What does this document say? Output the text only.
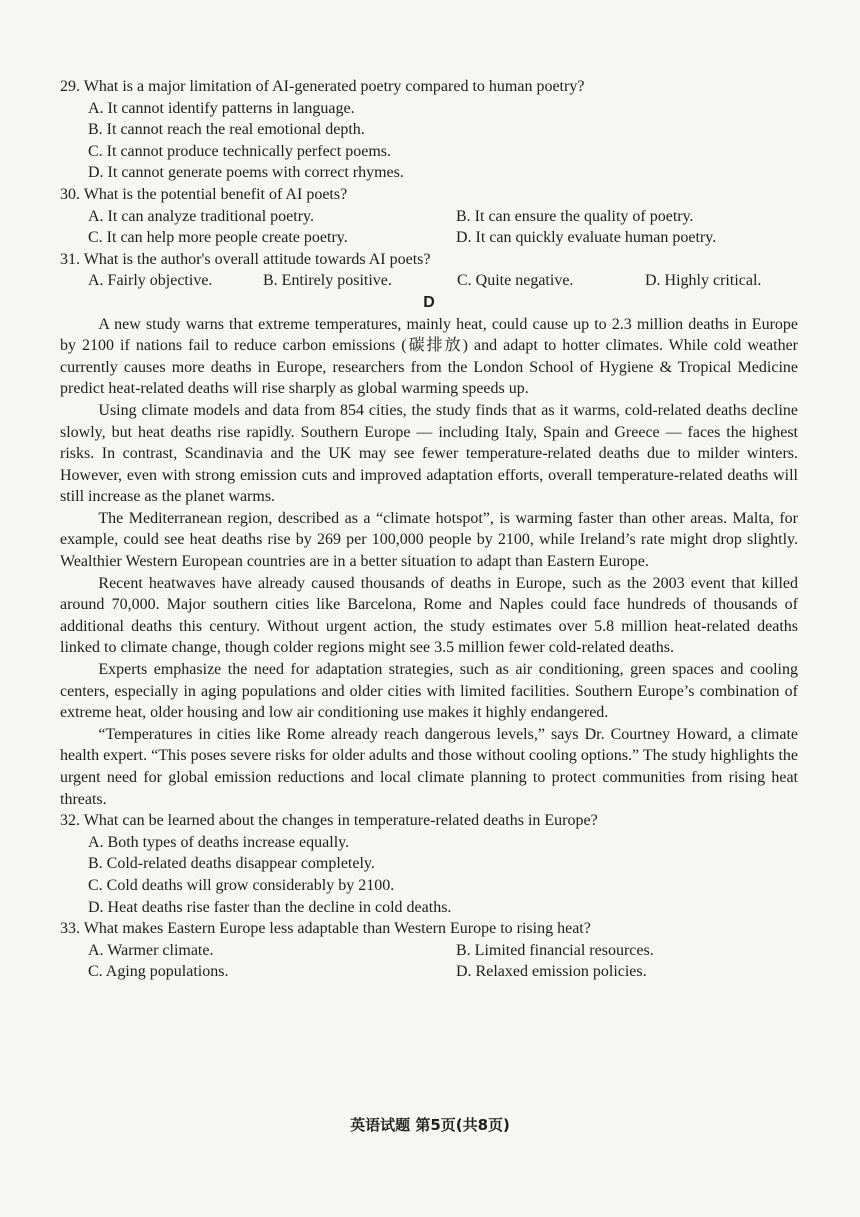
29. What is a major limitation of AI-generated poetry compared to human poetry?

A. It cannot identify patterns in language.

B. It cannot reach the real emotional depth.

C. It cannot produce technically perfect poems.

D. It cannot generate poems with correct rhymes.

30. What is the potential benefit of AI poets?

A. It can analyze traditional poetry.	B. It can ensure the quality of poetry.
C. It can help more people create poetry.	D. It can quickly evaluate human poetry.

31. What is the author's overall attitude towards AI poets?

A. Fairly objective.	B. Entirely positive.	C. Quite negative.	D. Highly critical.

D

A new study warns that extreme temperatures, mainly heat, could cause up to 2.3 million deaths in Europe by 2100 if nations fail to reduce carbon emissions (碳排放) and adapt to hotter climates. While cold weather currently causes more deaths in Europe, researchers from the London School of Hygiene & Tropical Medicine predict heat-related deaths will rise sharply as global warming speeds up.

Using climate models and data from 854 cities, the study finds that as it warms, cold-related deaths decline slowly, but heat deaths rise rapidly. Southern Europe — including Italy, Spain and Greece — faces the highest risks. In contrast, Scandinavia and the UK may see fewer temperature-related deaths due to milder winters. However, even with strong emission cuts and improved adaptation efforts, overall temperature-related deaths will still increase as the planet warms.

The Mediterranean region, described as a “climate hotspot”, is warming faster than other areas. Malta, for example, could see heat deaths rise by 269 per 100,000 people by 2100, while Ireland’s rate might drop slightly. Wealthier Western European countries are in a better situation to adapt than Eastern Europe.

Recent heatwaves have already caused thousands of deaths in Europe, such as the 2003 event that killed around 70,000. Major southern cities like Barcelona, Rome and Naples could face hundreds of thousands of additional deaths this century. Without urgent action, the study estimates over 5.8 million heat-related deaths linked to climate change, though colder regions might see 3.5 million fewer cold-related deaths.

Experts emphasize the need for adaptation strategies, such as air conditioning, green spaces and cooling centers, especially in aging populations and older cities with limited facilities. Southern Europe’s combination of extreme heat, older housing and low air conditioning use makes it highly endangered.

“Temperatures in cities like Rome already reach dangerous levels,” says Dr. Courtney Howard, a climate health expert. “This poses severe risks for older adults and those without cooling options.” The study highlights the urgent need for global emission reductions and local climate planning to protect communities from rising heat threats.

32. What can be learned about the changes in temperature-related deaths in Europe?

A. Both types of deaths increase equally.

B. Cold-related deaths disappear completely.

C. Cold deaths will grow considerably by 2100.

D. Heat deaths rise faster than the decline in cold deaths.

33. What makes Eastern Europe less adaptable than Western Europe to rising heat?

A. Warmer climate.	B. Limited financial resources.
C. Aging populations.	D. Relaxed emission policies.
英语试题 第5页(共8页)
